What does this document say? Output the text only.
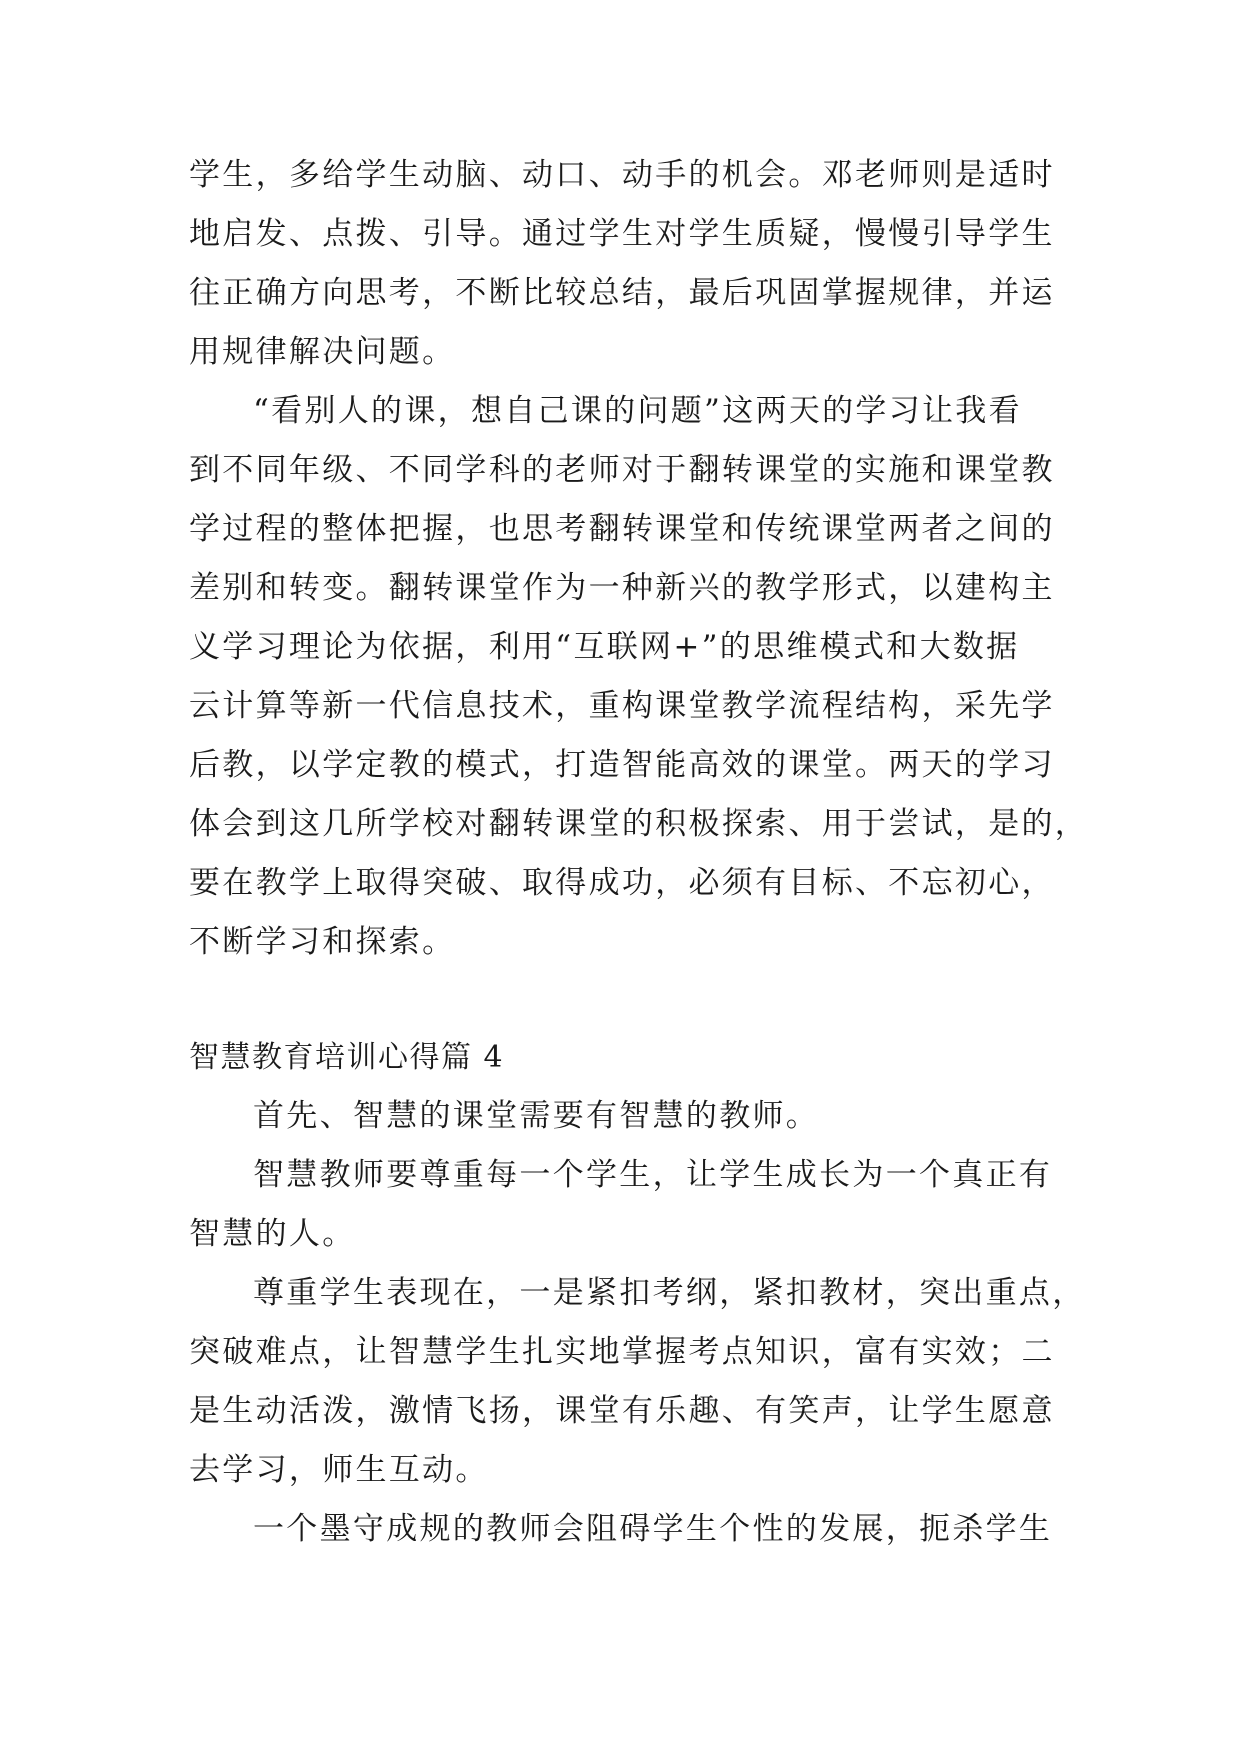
学生，多给学生动脑、动口、动手的机会。邓老师则是适时
地启发、点拨、引导。通过学生对学生质疑，慢慢引导学生
往正确方向思考，不断比较总结，最后巩固掌握规律，并运
用规律解决问题。

“看别人的课，想自己课的问题”这两天的学习让我看
到不同年级、不同学科的老师对于翻转课堂的实施和课堂教
学过程的整体把握，也思考翻转课堂和传统课堂两者之间的
差别和转变。翻转课堂作为一种新兴的教学形式，以建构主
义学习理论为依据，利用“互联网+”的思维模式和大数据
云计算等新一代信息技术，重构课堂教学流程结构，采先学
后教，以学定教的模式，打造智能高效的课堂。两天的学习
体会到这几所学校对翻转课堂的积极探索、用于尝试，是的，
要在教学上取得突破、取得成功，必须有目标、不忘初心，
不断学习和探索。

智慧教育培训心得篇 4

首先、智慧的课堂需要有智慧的教师。

智慧教师要尊重每一个学生，让学生成长为一个真正有
智慧的人。

尊重学生表现在，一是紧扣考纲，紧扣教材，突出重点，
突破难点，让智慧学生扎实地掌握考点知识，富有实效；二
是生动活泼，激情飞扬，课堂有乐趣、有笑声，让学生愿意
去学习，师生互动。

一个墨守成规的教师会阻碍学生个性的发展，扼杀学生
